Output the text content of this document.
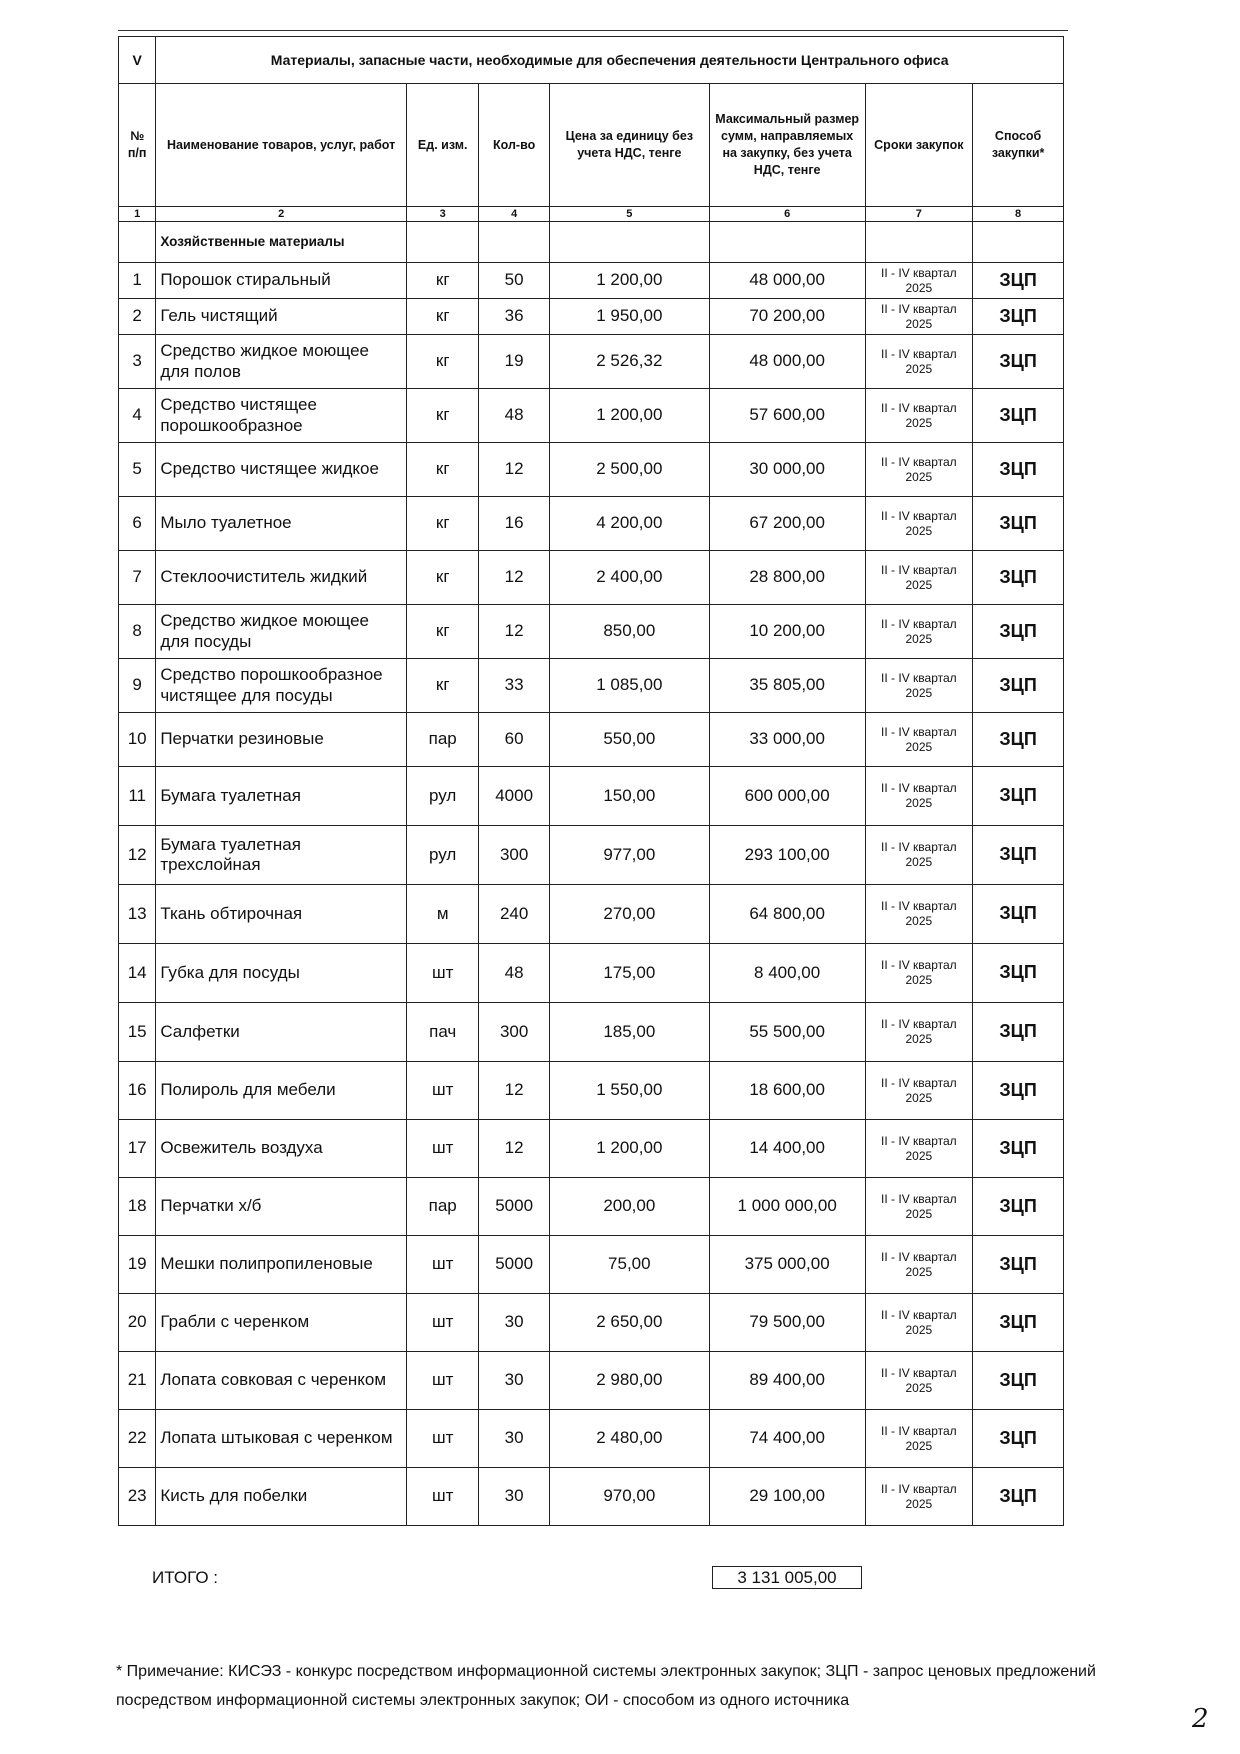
V	Материалы, запасные части, необходимые для обеспечения деятельности Центрального офиса						
№ п/п	Наименование товаров, услуг, работ	Ед. изм.	Кол-во	Цена за единицу без учета НДС, тенге	Максимальный размер сумм, направляемых на закупку, без учета НДС, тенге	Сроки закупок	Способ закупки*
1	2	3	4	5	6	7	8
	Хозяйственные материалы						
1	Порошок стиральный	кг	50	1 200,00	48 000,00	II - IV квартал 2025	ЗЦП
2	Гель чистящий	кг	36	1 950,00	70 200,00	II - IV квартал 2025	ЗЦП
3	Средство жидкое моющее для полов	кг	19	2 526,32	48 000,00	II - IV квартал 2025	ЗЦП
4	Средство чистящее порошкообразное	кг	48	1 200,00	57 600,00	II - IV квартал 2025	ЗЦП
5	Средство чистящее жидкое	кг	12	2 500,00	30 000,00	II - IV квартал 2025	ЗЦП
6	Мыло туалетное	кг	16	4 200,00	67 200,00	II - IV квартал 2025	ЗЦП
7	Стеклоочиститель жидкий	кг	12	2 400,00	28 800,00	II - IV квартал 2025	ЗЦП
8	Средство жидкое моющее для посуды	кг	12	850,00	10 200,00	II - IV квартал 2025	ЗЦП
9	Средство порошкообразное чистящее для посуды	кг	33	1 085,00	35 805,00	II - IV квартал 2025	ЗЦП
10	Перчатки резиновые	пар	60	550,00	33 000,00	II - IV квартал 2025	ЗЦП
11	Бумага туалетная	рул	4000	150,00	600 000,00	II - IV квартал 2025	ЗЦП
12	Бумага туалетная трехслойная	рул	300	977,00	293 100,00	II - IV квартал 2025	ЗЦП
13	Ткань обтирочная	м	240	270,00	64 800,00	II - IV квартал 2025	ЗЦП
14	Губка для посуды	шт	48	175,00	8 400,00	II - IV квартал 2025	ЗЦП
15	Салфетки	пач	300	185,00	55 500,00	II - IV квартал 2025	ЗЦП
16	Полироль для мебели	шт	12	1 550,00	18 600,00	II - IV квартал 2025	ЗЦП
17	Освежитель воздуха	шт	12	1 200,00	14 400,00	II - IV квартал 2025	ЗЦП
18	Перчатки х/б	пар	5000	200,00	1 000 000,00	II - IV квартал 2025	ЗЦП
19	Мешки полипропиленовые	шт	5000	75,00	375 000,00	II - IV квартал 2025	ЗЦП
20	Грабли с черенком	шт	30	2 650,00	79 500,00	II - IV квартал 2025	ЗЦП
21	Лопата совковая с черенком	шт	30	2 980,00	89 400,00	II - IV квартал 2025	ЗЦП
22	Лопата штыковая с черенком	шт	30	2 480,00	74 400,00	II - IV квартал 2025	ЗЦП
23	Кисть для побелки	шт	30	970,00	29 100,00	II - IV квартал 2025	ЗЦП
ИТОГО :	3 131 005,00
* Примечание: КИСЭЗ - конкурс посредством информационной системы электронных закупок; ЗЦП - запрос ценовых предложений посредством информационной системы электронных закупок; ОИ - способом из одного источника
2
